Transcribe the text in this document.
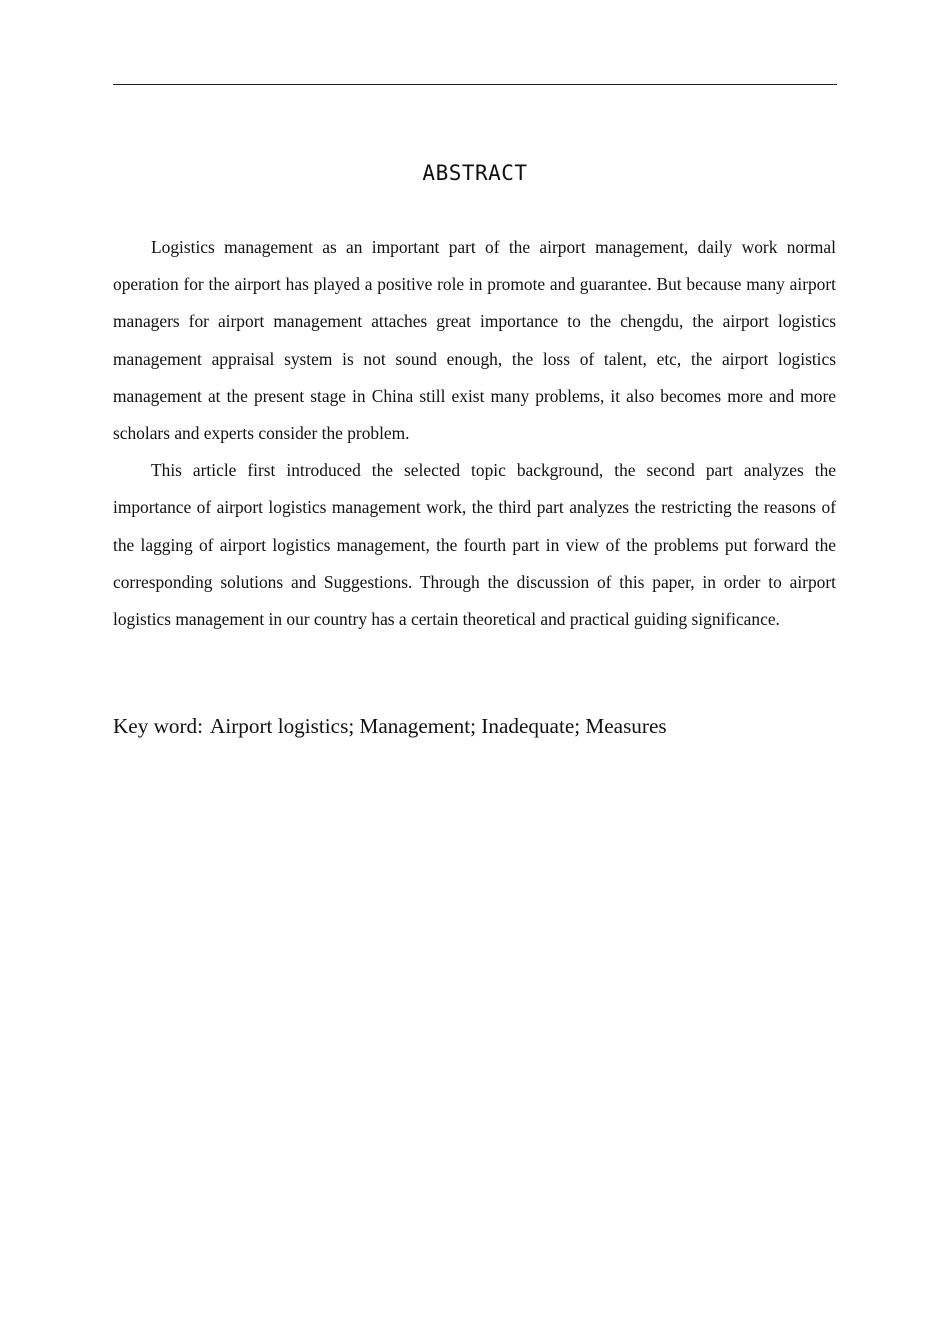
ABSTRACT

Logistics management as an important part of the airport management, daily work normal operation for the airport has played a positive role in promote and guarantee. But because many airport managers for airport management attaches great importance to the chengdu, the airport logistics management appraisal system is not sound enough, the loss of talent, etc, the airport logistics management at the present stage in China still exist many problems, it also becomes more and more scholars and experts consider the problem.

This article first introduced the selected topic background, the second part analyzes the importance of airport logistics management work, the third part analyzes the restricting the reasons of the lagging of airport logistics management, the fourth part in view of the problems put forward the corresponding solutions and Suggestions. Through the discussion of this paper, in order to airport logistics management in our country has a certain theoretical and practical guiding significance.

Key word: Airport logistics; Management; Inadequate; Measures
